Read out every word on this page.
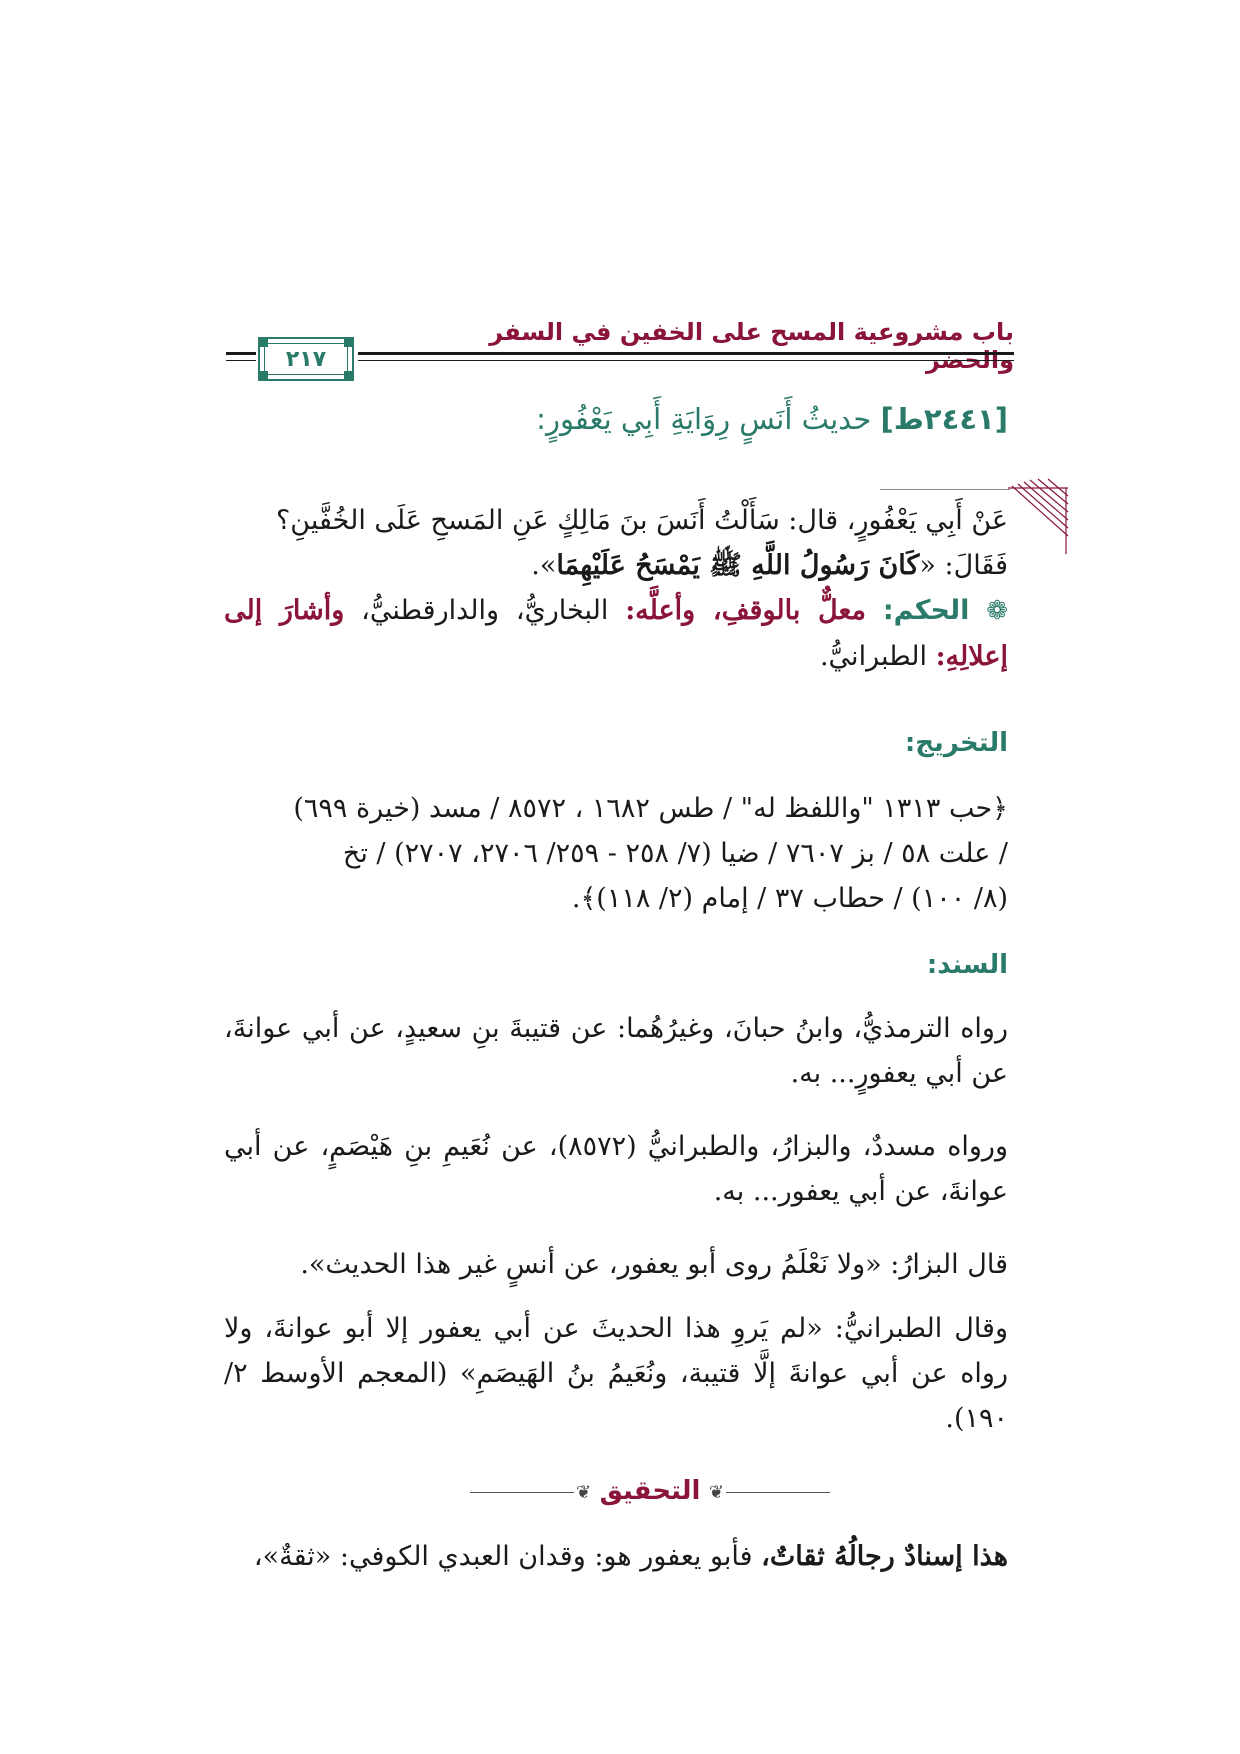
باب مشروعية المسح على الخفين في السفر والحضر
٢١٧
[٢٤٤١ط] حديثُ أَنَسٍ رِوَايَةِ أَبِي يَعْفُورٍ:
عَنْ أَبِي يَعْفُورٍ، قال: سَأَلْتُ أَنَسَ بنَ مَالِكٍ عَنِ المَسحِ عَلَى الخُفَّينِ؟
فَقَالَ: «كَانَ رَسُولُ اللَّهِ ﷺ يَمْسَحُ عَلَيْهِمَا».
❁ الحكم: معلٌّ بالوقفِ، وأعلَّه: البخاريُّ، والدارقطنيُّ، وأشارَ إلى إعلالِهِ: الطبرانيُّ.
التخريج:
﴿حب ١٣١٣ "واللفظ له" / طس ١٦٨٢ ، ٨٥٧٢ / مسد (خيرة ٦٩٩)
/ علت ٥٨ / بز ٧٦٠٧ / ضيا (٧/ ٢٥٨ - ٢٥٩/ ٢٧٠٦، ٢٧٠٧) / تخ
(٨/ ١٠٠) / حطاب ٣٧ / إمام (٢/ ١١٨)﴾.
السند:
رواه الترمذيُّ، وابنُ حبانَ، وغيرُهُما: عن قتيبةَ بنِ سعيدٍ، عن أبي عوانةَ، عن أبي يعفورٍ... به.
ورواه مسددٌ، والبزارُ، والطبرانيُّ (٨٥٧٢)، عن نُعَيمِ بنِ هَيْصَمٍ، عن أبي عوانةَ، عن أبي يعفور... به.
قال البزارُ: «ولا نَعْلَمُ روى أبو يعفور، عن أنسٍ غير هذا الحديث».
وقال الطبرانيُّ: «لم يَروِ هذا الحديثَ عن أبي يعفور إلا أبو عوانةَ، ولا رواه عن أبي عوانةَ إلَّا قتيبة، ونُعَيمُ بنُ الهَيصَمِ» (المعجم الأوسط ٢/ ١٩٠).
❦ التحقيق ❦
هذا إسنادٌ رجالُهُ ثقاتٌ، فأبو يعفور هو: وقدان العبدي الكوفي: «ثقةٌ»،
